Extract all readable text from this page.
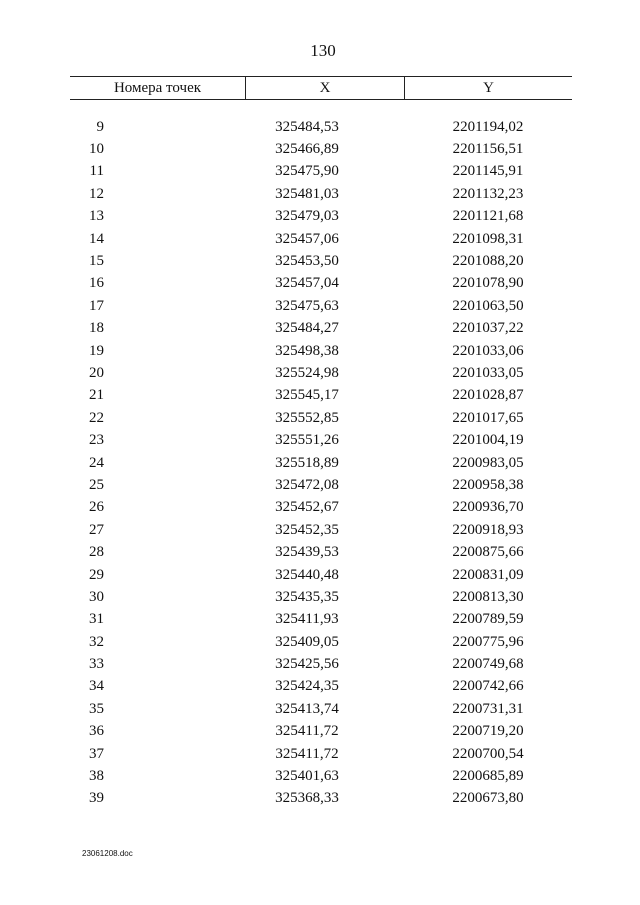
130
Номера точек	X	Y
9	325484,53	2201194,02
10	325466,89	2201156,51
11	325475,90	2201145,91
12	325481,03	2201132,23
13	325479,03	2201121,68
14	325457,06	2201098,31
15	325453,50	2201088,20
16	325457,04	2201078,90
17	325475,63	2201063,50
18	325484,27	2201037,22
19	325498,38	2201033,06
20	325524,98	2201033,05
21	325545,17	2201028,87
22	325552,85	2201017,65
23	325551,26	2201004,19
24	325518,89	2200983,05
25	325472,08	2200958,38
26	325452,67	2200936,70
27	325452,35	2200918,93
28	325439,53	2200875,66
29	325440,48	2200831,09
30	325435,35	2200813,30
31	325411,93	2200789,59
32	325409,05	2200775,96
33	325425,56	2200749,68
34	325424,35	2200742,66
35	325413,74	2200731,31
36	325411,72	2200719,20
37	325411,72	2200700,54
38	325401,63	2200685,89
39	325368,33	2200673,80
23061208.doc
